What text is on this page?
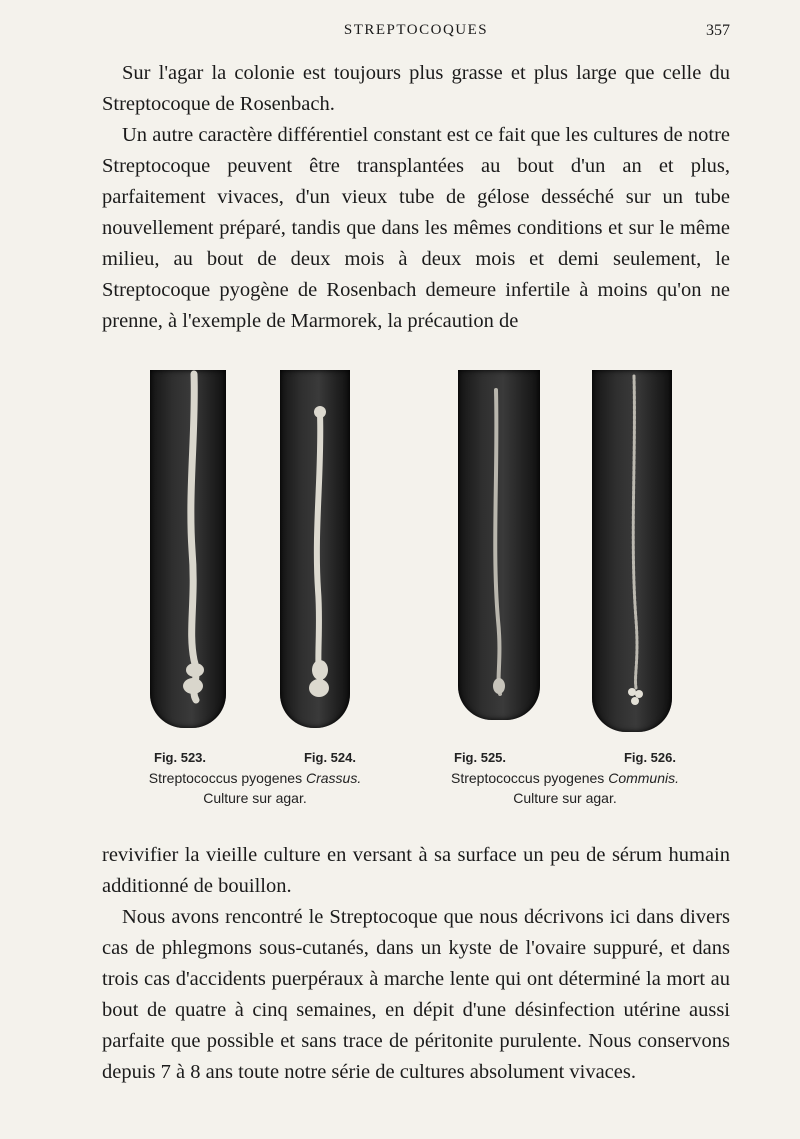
STREPTOCOQUES	357

Sur l'agar la colonie est toujours plus grasse et plus large que celle du Streptocoque de Rosenbach.

Un autre caractère différentiel constant est ce fait que les cultures de notre Streptocoque peuvent être transplantées au bout d'un an et plus, parfaitement vivaces, d'un vieux tube de gélose desséché sur un tube nouvellement préparé, tandis que dans les mêmes conditions et sur le même milieu, au bout de deux mois à deux mois et demi seulement, le Streptocoque pyogène de Rosenbach demeure infertile à moins qu'on ne prenne, à l'exemple de Marmorek, la précaution de

Fig. 523.	Fig. 524.
Streptococcus pyogenes Crassus.
Culture sur agar.
Fig. 525.	Fig. 526.
Streptococcus pyogenes Communis.
Culture sur agar.

revivifier la vieille culture en versant à sa surface un peu de sérum humain additionné de bouillon.

Nous avons rencontré le Streptocoque que nous décrivons ici dans divers cas de phlegmons sous-cutanés, dans un kyste de l'ovaire suppuré, et dans trois cas d'accidents puerpéraux à marche lente qui ont déterminé la mort au bout de quatre à cinq semaines, en dépit d'une désinfection utérine aussi parfaite que possible et sans trace de péritonite purulente. Nous conservons depuis 7 à 8 ans toute notre série de cultures absolument vivaces.
